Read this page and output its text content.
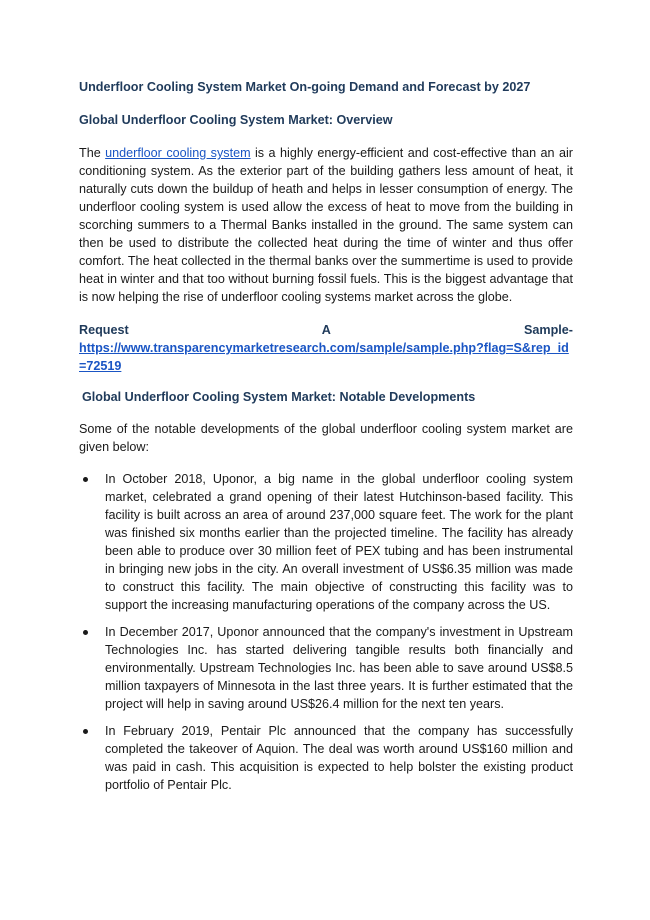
Underfloor Cooling System Market On-going Demand and Forecast by 2027

Global Underfloor Cooling System Market: Overview

The underfloor cooling system is a highly energy-efficient and cost-effective than an air conditioning system. As the exterior part of the building gathers less amount of heat, it naturally cuts down the buildup of heath and helps in lesser consumption of energy. The underfloor cooling system is used allow the excess of heat to move from the building in scorching summers to a Thermal Banks installed in the ground. The same system can then be used to distribute the collected heat during the time of winter and thus offer comfort. The heat collected in the thermal banks over the summertime is used to provide heat in winter and that too without burning fossil fuels. This is the biggest advantage that is now helping the rise of underfloor cooling systems market across the globe.

Request	A	Sample-
https://www.transparencymarketresearch.com/sample/sample.php?flag=S&rep_id=72519

Global Underfloor Cooling System Market: Notable Developments

Some of the notable developments of the global underfloor cooling system market are given below:

In October 2018, Uponor, a big name in the global underfloor cooling system market, celebrated a grand opening of their latest Hutchinson-based facility. This facility is built across an area of around 237,000 square feet. The work for the plant was finished six months earlier than the projected timeline. The facility has already been able to produce over 30 million feet of PEX tubing and has been instrumental in bringing new jobs in the city. An overall investment of US$6.35 million was made to construct this facility. The main objective of constructing this facility was to support the increasing manufacturing operations of the company across the US.
In December 2017, Uponor announced that the company's investment in Upstream Technologies Inc. has started delivering tangible results both financially and environmentally. Upstream Technologies Inc. has been able to save around US$8.5 million taxpayers of Minnesota in the last three years. It is further estimated that the project will help in saving around US$26.4 million for the next ten years.
In February 2019, Pentair Plc announced that the company has successfully completed the takeover of Aquion. The deal was worth around US$160 million and was paid in cash. This acquisition is expected to help bolster the existing product portfolio of Pentair Plc.
